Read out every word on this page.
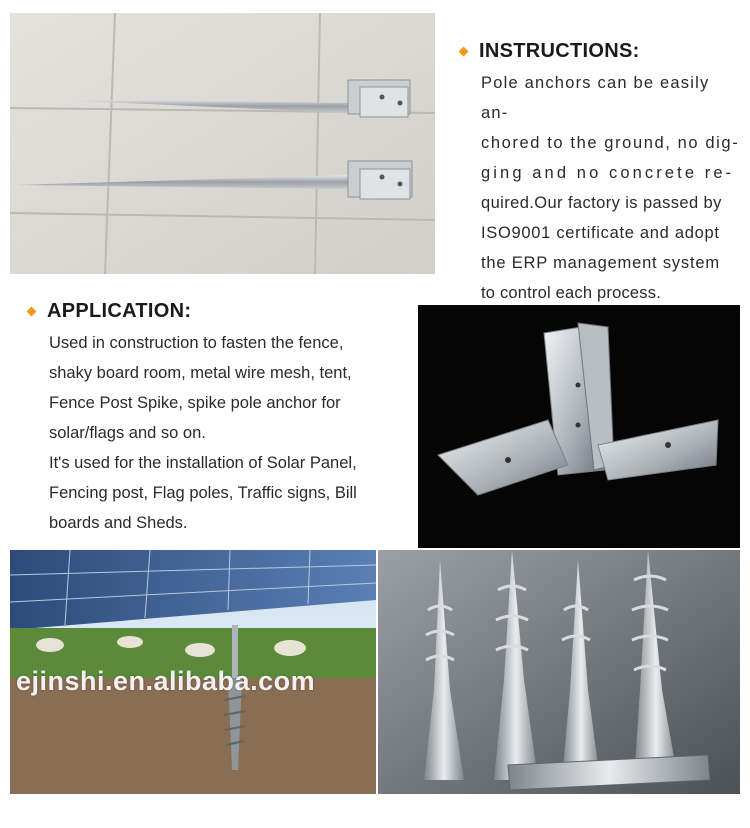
INSTRUCTIONS:
Pole anchors can be easily an-
chored to the ground, no dig-
ging and no concrete re-
quired.Our factory is passed by
ISO9001 certificate and adopt
the ERP management system
to control each process.
APPLICATION:
Used in construction to fasten the fence,
shaky board room, metal wire mesh, tent,
Fence Post Spike, spike pole anchor for
solar/flags and so on.
It's used for the installation of Solar Panel,
Fencing post, Flag poles, Traffic signs, Bill
boards and Sheds.
ejinshi.en.alibaba.com
